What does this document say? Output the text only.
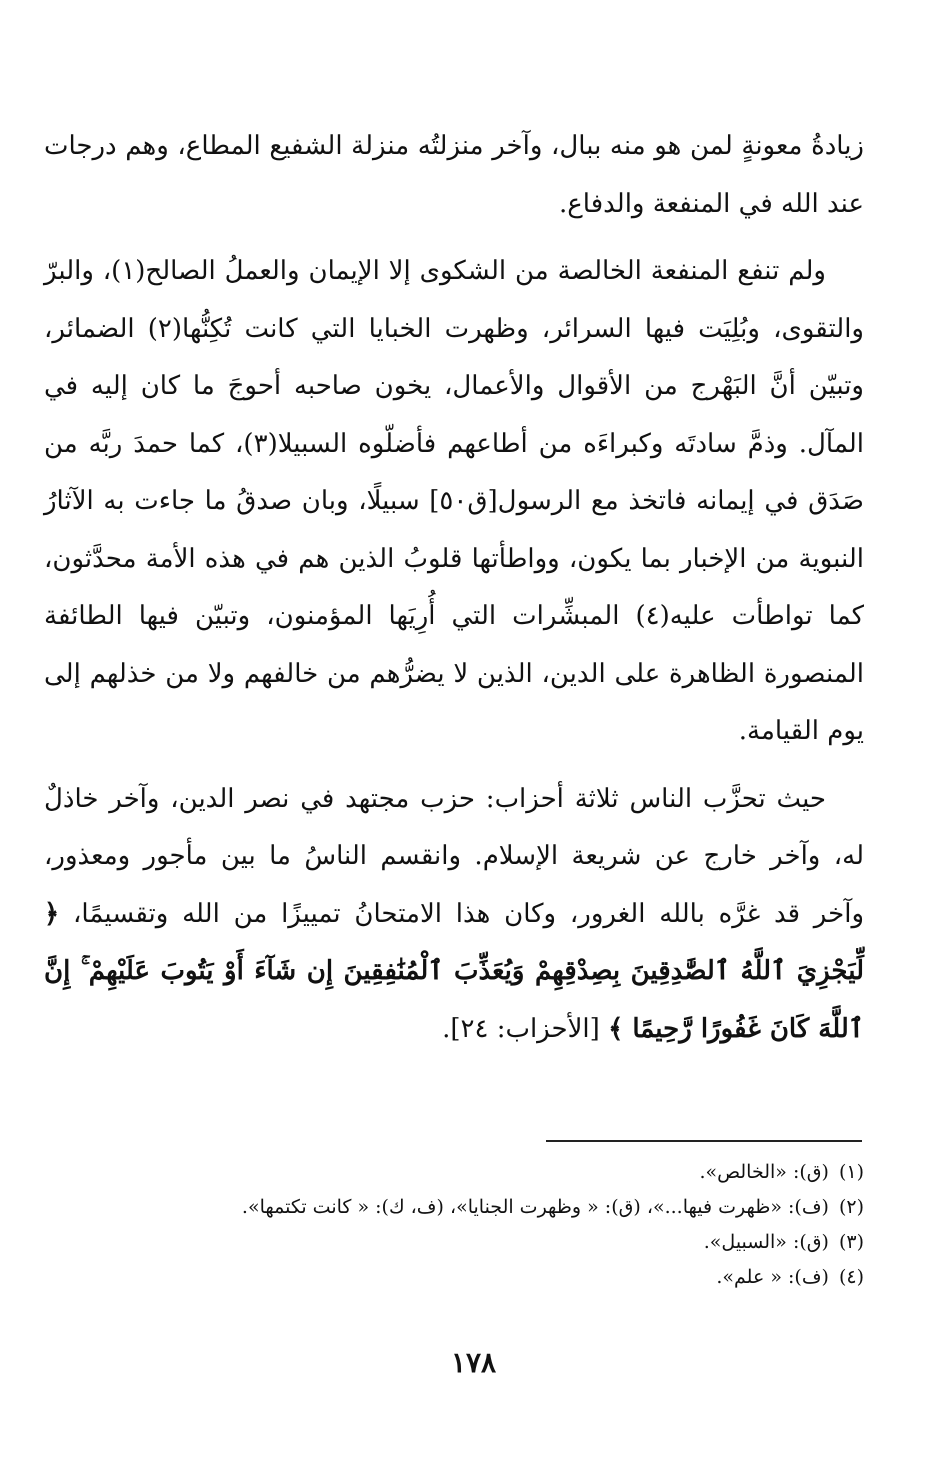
زيادةُ معونةٍ لمن هو منه ببال، وآخر منزلتُه منزلة الشفيع المطاع، وهم درجات عند الله في المنفعة والدفاع.

ولم تنفع المنفعة الخالصة من الشكوى إلا الإيمان والعملُ الصالح(١)، والبرّ والتقوى، وبُلِيَت فيها السرائر، وظهرت الخبايا التي كانت تُكِنُّها(٢) الضمائر، وتبيّن أنَّ البَهْرج من الأقوال والأعمال، يخون صاحبه أحوجَ ما كان إليه في المآل. وذمَّ سادتَه وكبراءَه من أطاعهم فأضلّوه السبيلا(٣)، كما حمدَ ربَّه من صَدَق في إيمانه فاتخذ مع الرسول[ق٥٠] سبيلًا، وبان صدقُ ما جاءت به الآثارُ النبوية من الإخبار بما يكون، وواطأتها قلوبُ الذين هم في هذه الأمة محدَّثون، كما تواطأت عليه(٤) المبشِّرات التي أُرِيَها المؤمنون، وتبيّن فيها الطائفة المنصورة الظاهرة على الدين، الذين لا يضرُّهم من خالفهم ولا من خذلهم إلى يوم القيامة.

حيث تحزَّب الناس ثلاثة أحزاب: حزب مجتهد في نصر الدين، وآخر خاذلٌ له، وآخر خارج عن شريعة الإسلام. وانقسم الناسُ ما بين مأجور ومعذور، وآخر قد غرَّه بالله الغرور، وكان هذا الامتحانُ تمييزًا من الله وتقسيمًا، ﴿ لِّيَجْزِيَ ٱللَّهُ ٱلصَّٰدِقِينَ بِصِدْقِهِمْ وَيُعَذِّبَ ٱلْمُنَٰفِقِينَ إِن شَآءَ أَوْ يَتُوبَ عَلَيْهِمْ ۚ إِنَّ ٱللَّهَ كَانَ غَفُورًا رَّحِيمًا ﴾ [الأحزاب: ٢٤].

(١)(ق): «الخالص».

(٢)(ف): «ظهرت فيها...»، (ق): « وظهرت الجنايا»، (ف، ك): « كانت تكتمها».

(٣)(ق): «السبيل».

(٤)(ف): « علم».

١٧٨
